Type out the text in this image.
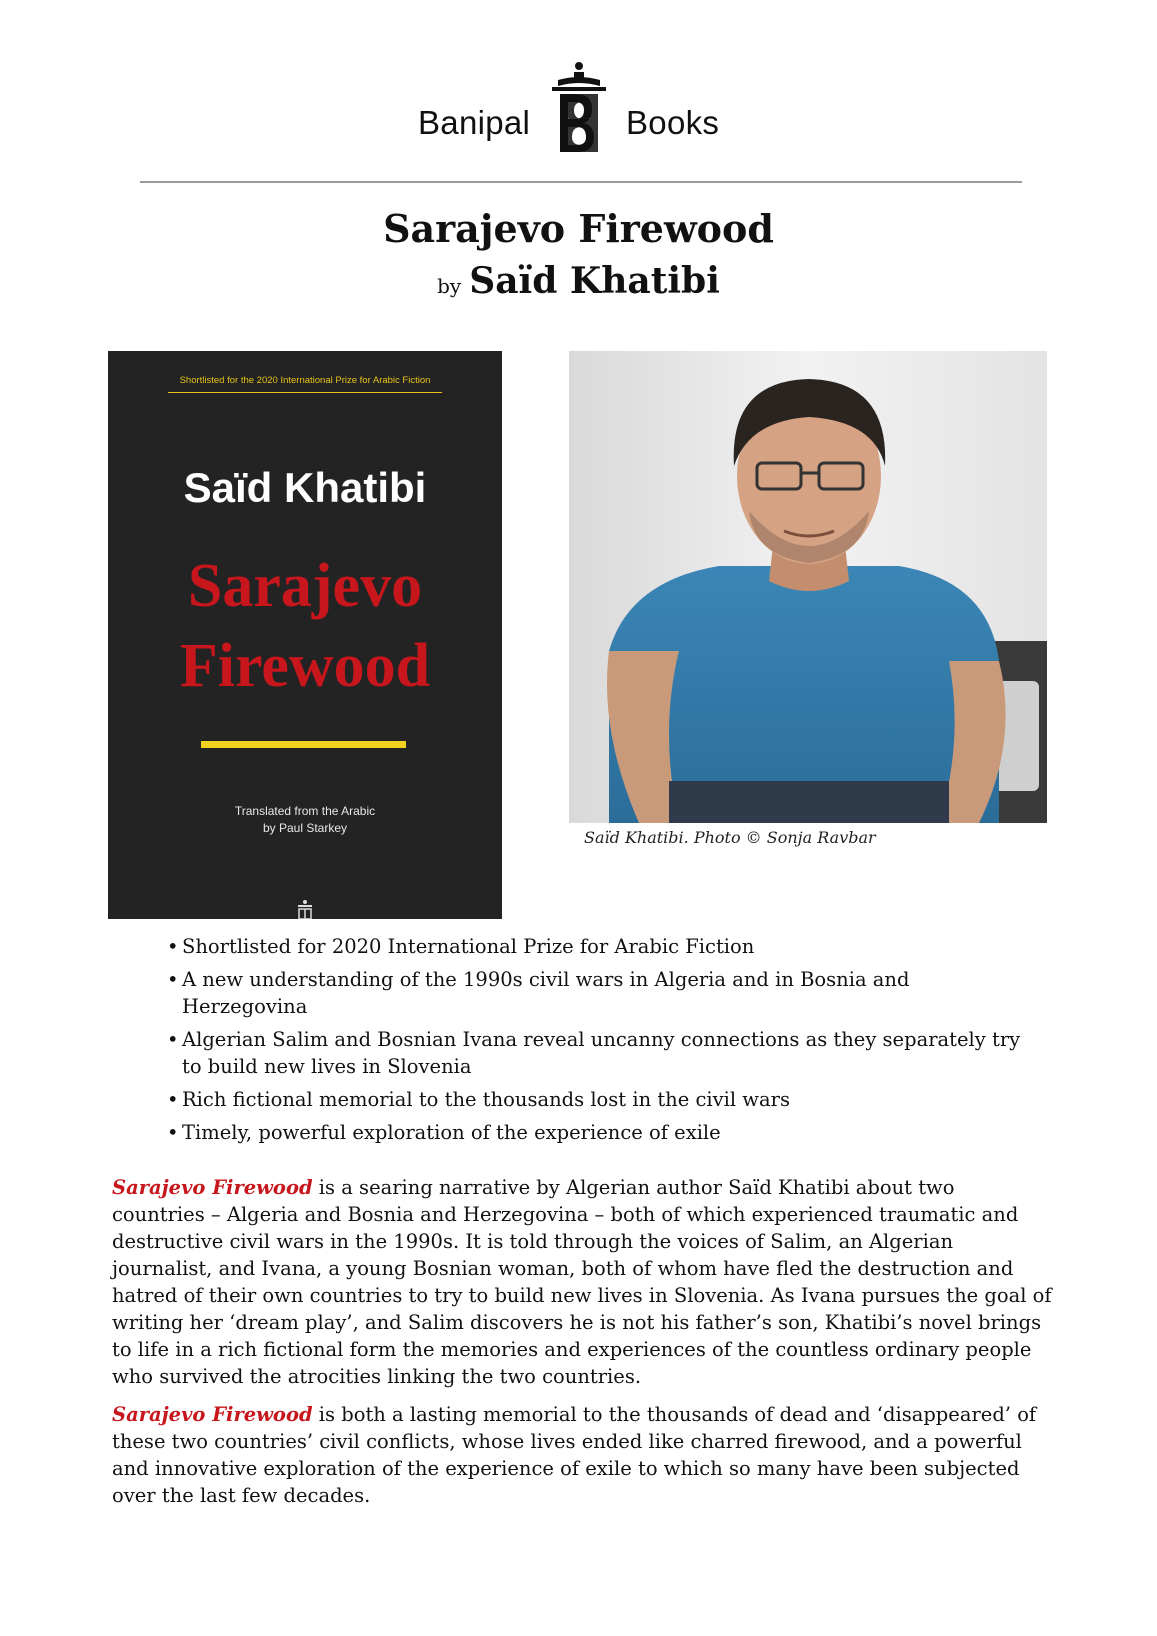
Banipal	Books
Sarajevo Firewood
by Saïd Khatibi
Shortlisted for the 2020 International Prize for Arabic Fiction
Saïd Khatibi
Sarajevo
Firewood
Translated from the Arabic
by Paul Starkey	Saïd Khatibi. Photo © Sonja Ravbar
• Shortlisted for 2020 International Prize for Arabic Fiction
• A new understanding of the 1990s civil wars in Algeria and in Bosnia and Herzegovina
• Algerian Salim and Bosnian Ivana reveal uncanny connections as they separately try to build new lives in Slovenia
• Rich fictional memorial to the thousands lost in the civil wars
• Timely, powerful exploration of the experience of exile

Sarajevo Firewood is a searing narrative by Algerian author Saïd Khatibi about two countries – Algeria and Bosnia and Herzegovina – both of which experienced traumatic and destructive civil wars in the 1990s. It is told through the voices of Salim, an Algerian journalist, and Ivana, a young Bosnian woman, both of whom have fled the destruction and hatred of their own countries to try to build new lives in Slovenia. As Ivana pursues the goal of writing her ‘dream play’, and Salim discovers he is not his father’s son, Khatibi’s novel brings to life in a rich fictional form the memories and experiences of the countless ordinary people who survived the atrocities linking the two countries.

Sarajevo Firewood is both a lasting memorial to the thousands of dead and ‘disappeared’ of these two countries’ civil conflicts, whose lives ended like charred firewood, and a powerful and innovative exploration of the experience of exile to which so many have been subjected over the last few decades.
